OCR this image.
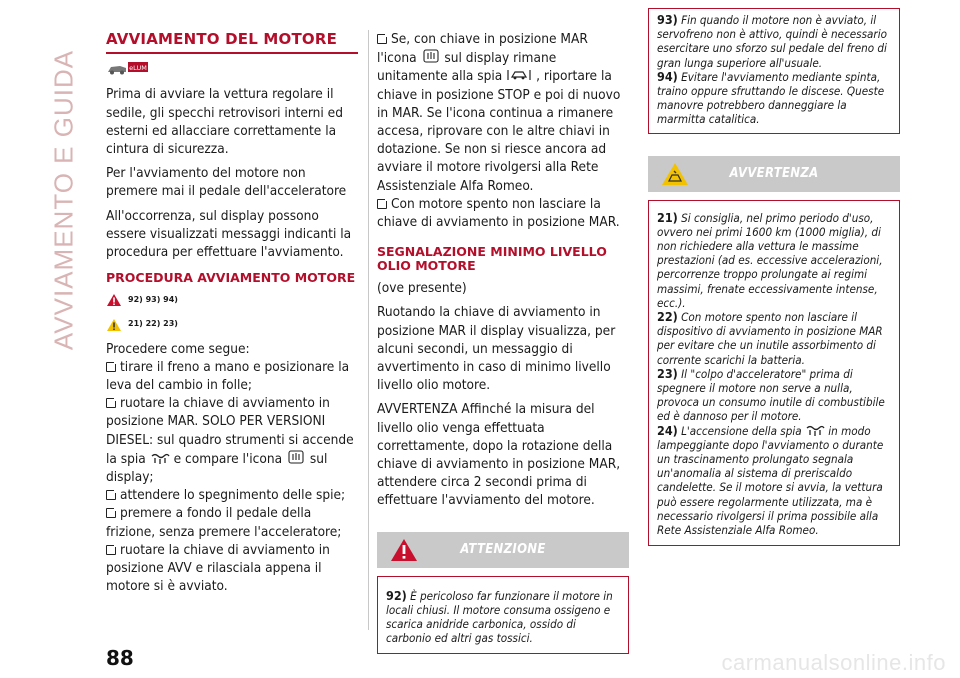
AVVIAMENTO E GUIDA
AVVIAMENTO DEL MOTORE
eLUM

Prima di avviare la vettura regolare il sedile, gli specchi retrovisori interni ed esterni ed allacciare correttamente la cintura di sicurezza.

Per l'avviamento del motore non premere mai il pedale dell'acceleratore

All'occorrenza, sul display possono essere visualizzati messaggi indicanti la procedura per effettuare l'avviamento.

PROCEDURA AVVIAMENTO MOTORE
92) 93) 94)
21) 22) 23)

Procedere come segue:

tirare il freno a mano e posizionare la leva del cambio in folle;

ruotare la chiave di avviamento in posizione MAR. SOLO PER VERSIONI DIESEL: sul quadro strumenti si accende la spia e compare l'icona sul display;

attendere lo spegnimento delle spie;

premere a fondo il pedale della frizione, senza premere l'acceleratore;

ruotare la chiave di avviamento in posizione AVV e rilasciala appena il motore si è avviato.

Se, con chiave in posizione MAR l'icona sul display rimane unitamente alla spia , riportare la chiave in posizione STOP e poi di nuovo in MAR. Se l'icona continua a rimanere accesa, riprovare con le altre chiavi in dotazione. Se non si riesce ancora ad avviare il motore rivolgersi alla Rete Assistenziale Alfa Romeo.

Con motore spento non lasciare la chiave di avviamento in posizione MAR.

SEGNALAZIONE MINIMO LIVELLO OLIO MOTORE

(ove presente)

Ruotando la chiave di avviamento in posizione MAR il display visualizza, per alcuni secondi, un messaggio di avvertimento in caso di minimo livello livello olio motore.

AVVERTENZA Affinché la misura del livello olio venga effettuata correttamente, dopo la rotazione della chiave di avviamento in posizione MAR, attendere circa 2 secondi prima di effettuare l'avviamento del motore.

ATTENZIONE
92) È pericoloso far funzionare il motore in locali chiusi. Il motore consuma ossigeno e scarica anidride carbonica, ossido di carbonio ed altri gas tossici.
93) Fin quando il motore non è avviato, il servofreno non è attivo, quindi è necessario esercitare uno sforzo sul pedale del freno di gran lunga superiore all'usuale.
94) Evitare l'avviamento mediante spinta, traino oppure sfruttando le discese. Queste manovre potrebbero danneggiare la marmitta catalitica.
AVVERTENZA
21) Si consiglia, nel primo periodo d'uso, ovvero nei primi 1600 km (1000 miglia), di non richiedere alla vettura le massime prestazioni (ad es. eccessive accelerazioni, percorrenze troppo prolungate ai regimi massimi, frenate eccessivamente intense, ecc.).
22) Con motore spento non lasciare il dispositivo di avviamento in posizione MAR per evitare che un inutile assorbimento di corrente scarichi la batteria.
23) Il "colpo d'acceleratore" prima di spegnere il motore non serve a nulla, provoca un consumo inutile di combustibile ed è dannoso per il motore.
24) L'accensione della spia in modo lampeggiante dopo l'avviamento o durante un trascinamento prolungato segnala un'anomalia al sistema di preriscaldo candelette. Se il motore si avvia, la vettura può essere regolarmente utilizzata, ma è necessario rivolgersi il prima possibile alla Rete Assistenziale Alfa Romeo.
88	carmanualsonline.info
